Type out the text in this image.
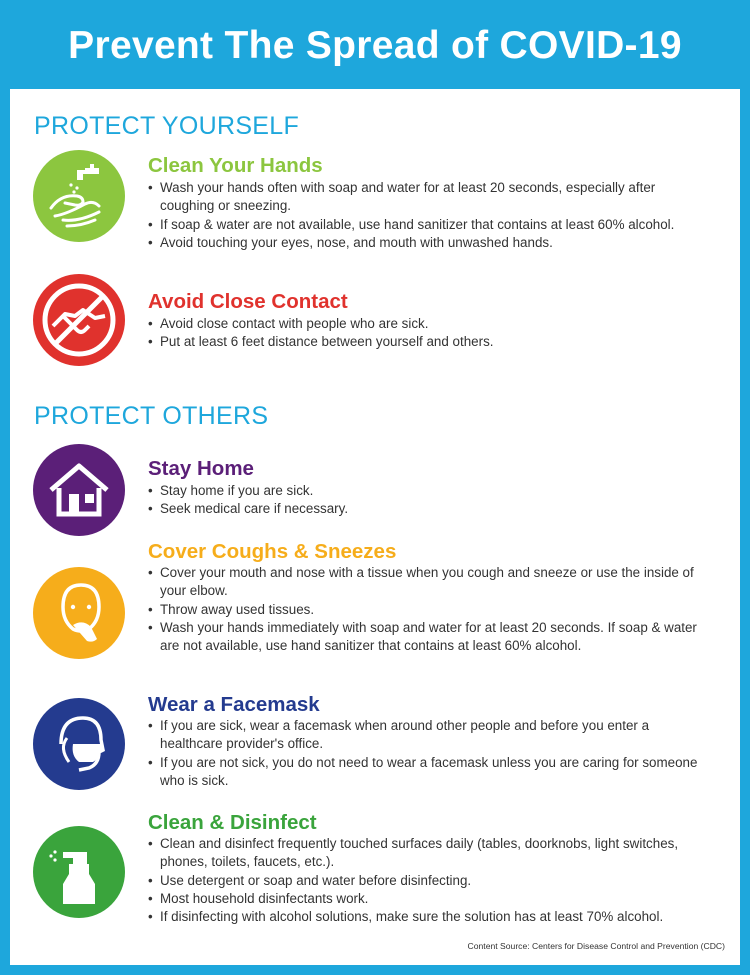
Prevent The Spread of COVID-19
PROTECT YOURSELF
Clean Your Hands
• Wash your hands often with soap and water for at least 20 seconds, especially after coughing or sneezing.
• If soap & water are not available, use hand sanitizer that contains at least 60% alcohol.
• Avoid touching your eyes, nose, and mouth with unwashed hands.
Avoid Close Contact
• Avoid close contact with people who are sick.
• Put at least 6 feet distance between yourself and others.
PROTECT OTHERS
Stay Home
• Stay home if you are sick.
• Seek medical care if necessary.
Cover Coughs & Sneezes
• Cover your mouth and nose with a tissue when you cough and sneeze or use the inside of your elbow.
• Throw away used tissues.
• Wash your hands immediately with soap and water for at least 20 seconds. If soap & water are not available, use hand sanitizer that contains at least 60% alcohol.
Wear a Facemask
• If you are sick, wear a facemask when around other people and before you enter a healthcare provider's office.
• If you are not sick, you do not need to wear a facemask unless you are caring for someone who is sick.
Clean & Disinfect
• Clean and disinfect frequently touched surfaces daily (tables, doorknobs, light switches, phones, toilets, faucets, etc.).
• Use detergent or soap and water before disinfecting.
• Most household disinfectants work.
• If disinfecting with alcohol solutions, make sure the solution has at least 70% alcohol.
Content Source: Centers for Disease Control and Prevention (CDC)
